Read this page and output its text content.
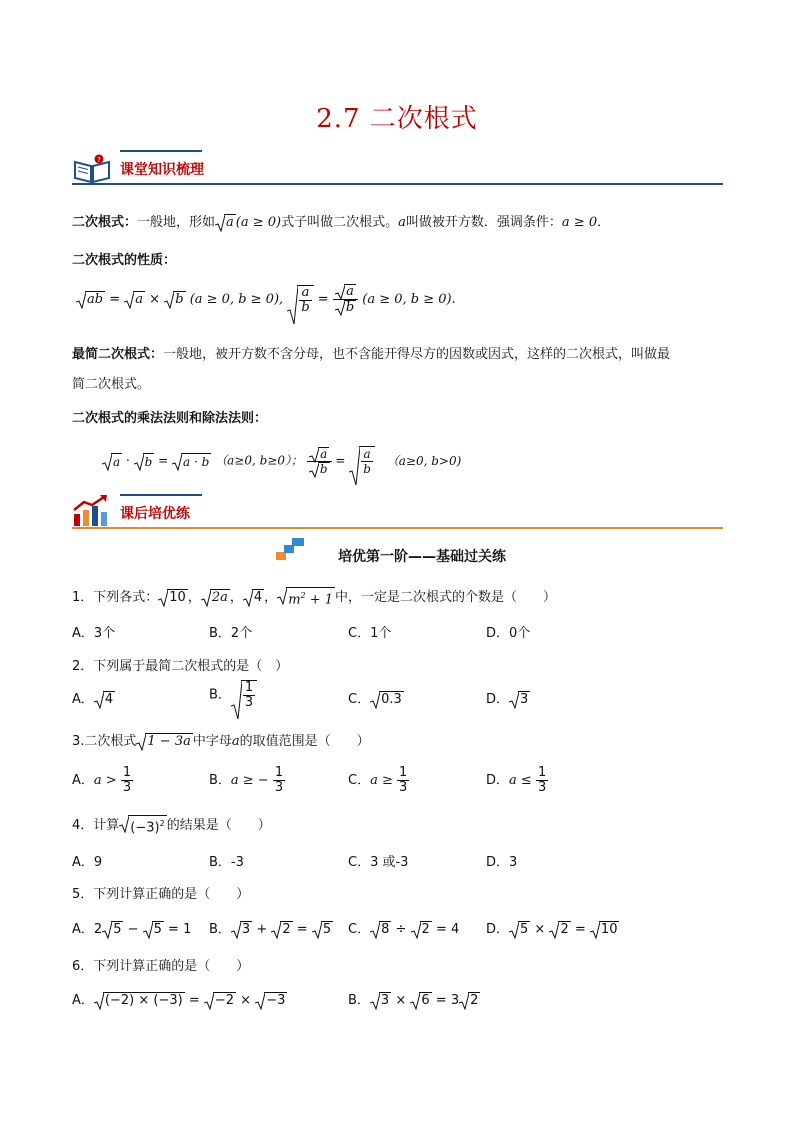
2.7 二次根式
?
课堂知识梳理
二次根式：一般地，形如 a (a ≥ 0)式子叫做二次根式。a叫做被开方数．强调条件：a ≥ 0．
二次根式的性质：
ab = a × b (a ≥ 0, b ≥ 0), $\frac{a}{b} = \frac{a}{b} (a \ge 0$, b ≥ 0).
最简二次根式：一般地，被开方数不含分母，也不含能开得尽方的因数或因式，这样的二次根式，叫做最
简二次根式。
二次根式的乘法法则和除法法则：
a · b = a · b （a≥0, b≥0）； $\frac{a}{b} = \frac{a}{b} (a\ge 0$, b>0)
课后培优练
培优第一阶——基础过关练
1．下列各式： 10 ， 2a ， 4 ， $m^2 + 1$ 中，一定是二次根式的个数是（　　）
A．3个	B．2个	C．1个	D．0个
2．下列属于最简二次根式的是（　）
A． 4	B． $\frac{1}{3}$	C． 0.3	D． 3
3.二次根式 1 − 3a 中字母a的取值范围是（　　）
A．$a > \frac{1}{3}$	B．a ≥ − $\frac{1}{3}$	C．$a \ge \frac{1}{3}$	D．$a \le \frac{1}{3}$
4．计算 $(-3)^2$ 的结果是（　　）
A．9	B．-3	C．3 或-3	D．3
5．下列计算正确的是（　　）
A．2 5 −
5 = 1 B． 3 +
2 =
5 C． 8 ÷
2 = 4 D． 5 ×
2 =
10
6．下列计算正确的是（　　）
A． (−2) × (−3) =
−2 ×
−3	B． 3 ×
6 = 3 2
